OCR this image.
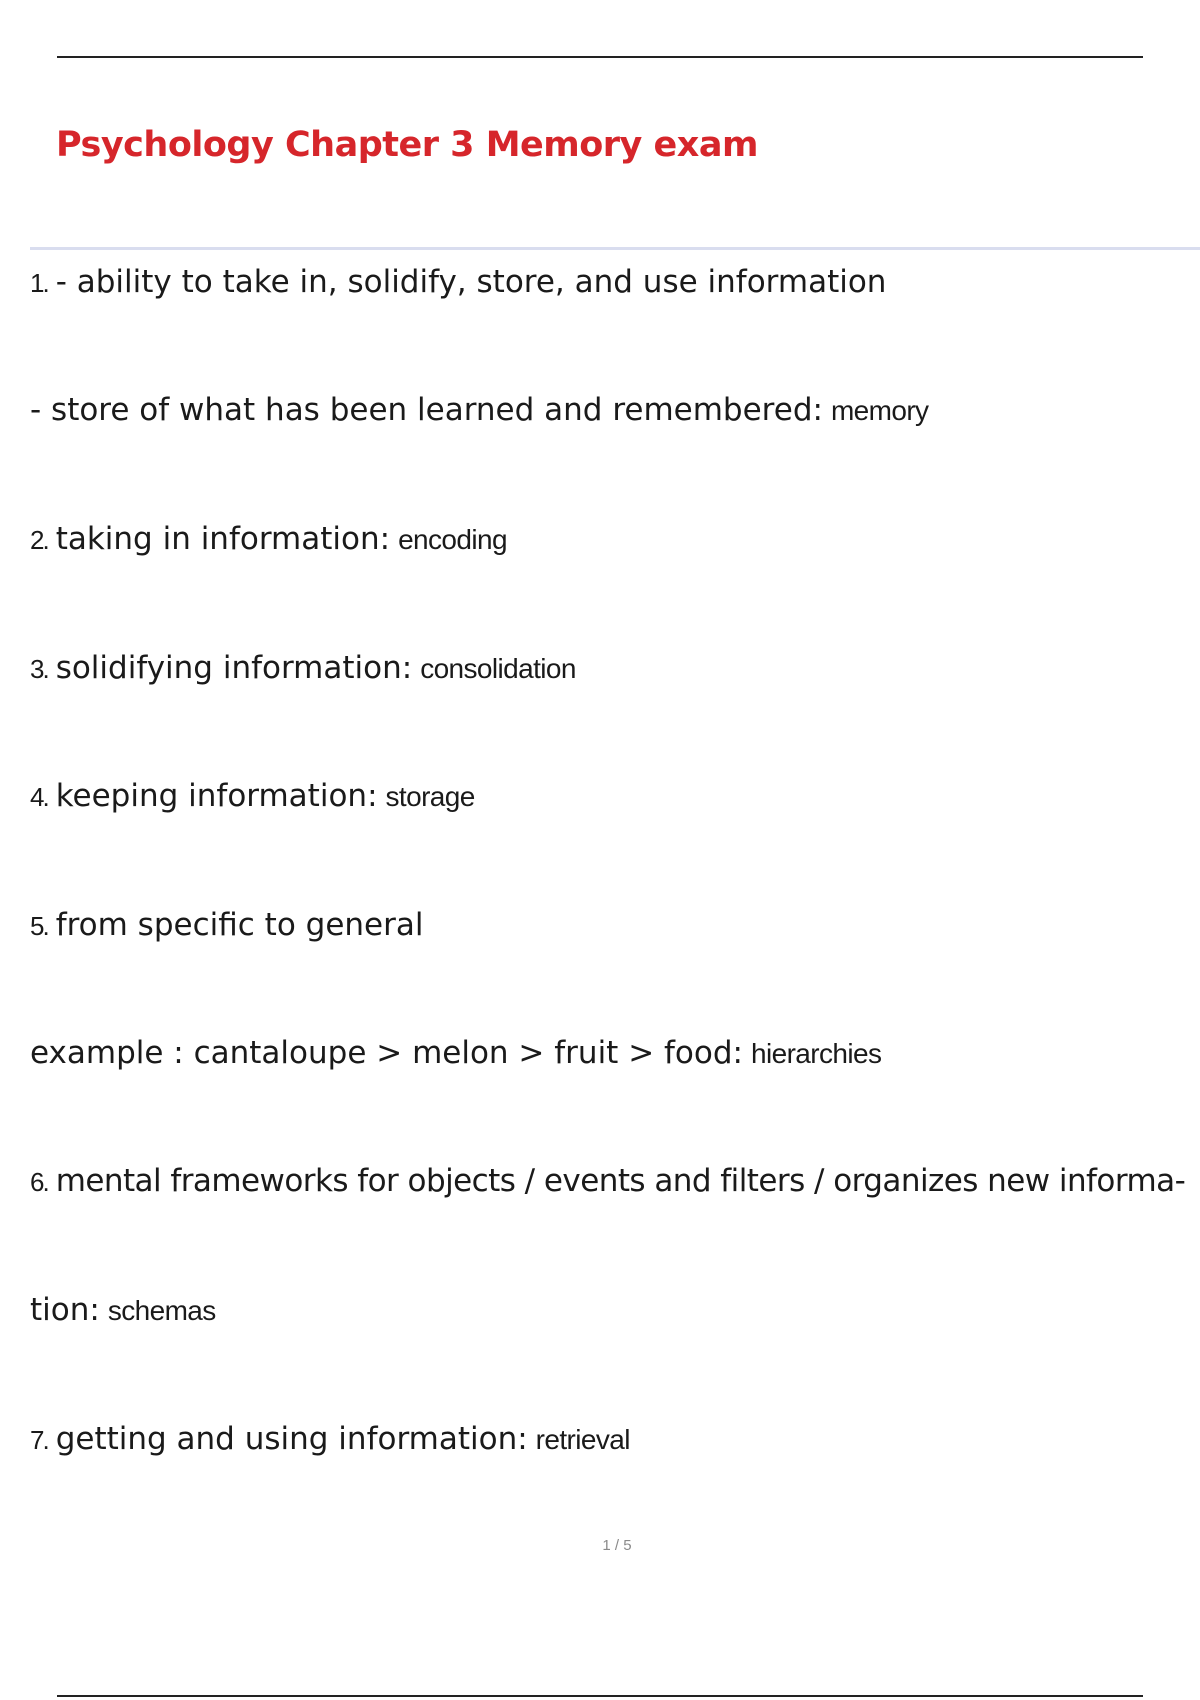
Psychology Chapter 3 Memory exam
1. - ability to take in, solidify, store, and use information
- store of what has been learned and remembered: memory
2. taking in information: encoding
3. solidifying information: consolidation
4. keeping information: storage
5. from specific to general
example : cantaloupe > melon > fruit > food: hierarchies
6. mental frameworks for objects / events and filters / organizes new informa-
tion: schemas
7. getting and using information: retrieval
1 / 5
